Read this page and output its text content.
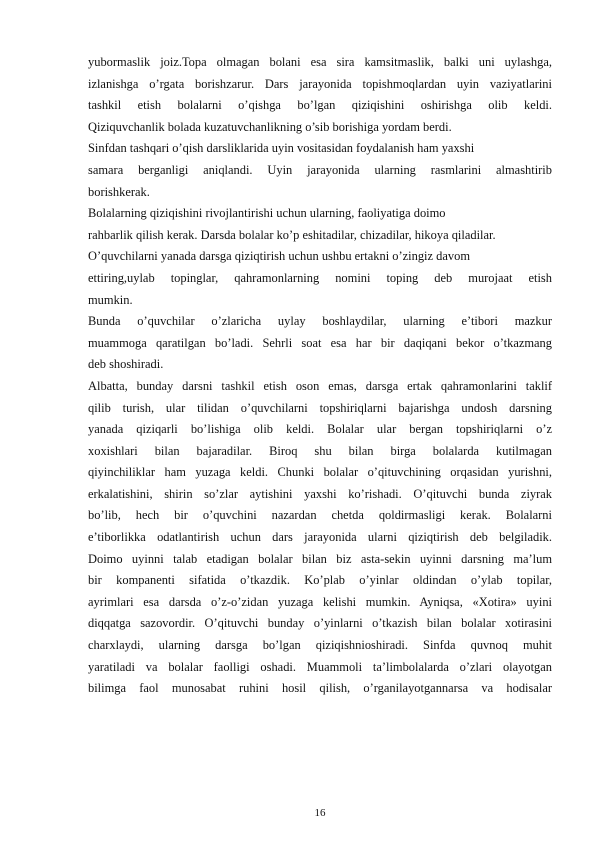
yubormaslik joiz.Topa olmagan bolani esa sira kamsitmaslik, balki uni uylashga,
izlanishga o’rgata borishzarur. Dars jarayonida topishmoqlardan uyin vaziyatlarini
tashkil etish bolalarni o’qishga bo’lgan qiziqishini oshirishga olib keldi.
Qiziquvchanlik bolada kuzatuvchanlikning o’sib borishiga yordam berdi.
Sinfdan tashqari o’qish darsliklarida uyin vositasidan foydalanish ham yaxshi
samara berganligi aniqlandi. Uyin jarayonida ularning rasmlarini almashtirib
borishkerak.
Bolalarning qiziqishini rivojlantirishi uchun ularning, faoliyatiga doimo
rahbarlik qilish kerak. Darsda bolalar ko’p eshitadilar, chizadilar, hikoya qiladilar.
O’quvchilarni yanada darsga qiziqtirish uchun ushbu ertakni o’zingiz davom
ettiring,uylab topinglar, qahramonlarning nomini toping deb murojaat etish
mumkin.
Bunda o’quvchilar o’zlaricha uylay boshlaydilar, ularning e’tibori mazkur
muammoga qaratilgan bo’ladi. Sehrli soat esa har bir daqiqani bekor o’tkazmang
deb shoshiradi.
Albatta, bunday darsni tashkil etish oson emas, darsga ertak qahramonlarini taklif
qilib turish, ular tilidan o’quvchilarni topshiriqlarni bajarishga undosh darsning
yanada qiziqarli bo’lishiga olib keldi. Bolalar ular bergan topshiriqlarni o’z
xoxishlari bilan bajaradilar. Biroq shu bilan birga bolalarda kutilmagan
qiyinchiliklar ham yuzaga keldi. Chunki bolalar o’qituvchining orqasidan yurishni,
erkalatishini, shirin so’zlar aytishini yaxshi ko’rishadi. O’qituvchi bunda ziyrak
bo’lib, hech bir o’quvchini nazardan chetda qoldirmasligi kerak. Bolalarni
e’tiborlikka odatlantirish uchun dars jarayonida ularni qiziqtirish deb belgiladik.
Doimo uyinni talab etadigan bolalar bilan biz asta-sekin uyinni darsning ma’lum
bir kompanenti sifatida o’tkazdik. Ko’plab o’yinlar oldindan o’ylab topilar,
ayrimlari esa darsda o’z-o’zidan yuzaga kelishi mumkin. Ayniqsa, «Xotira» uyini
diqqatga sazovordir. O’qituvchi bunday o’yinlarni o’tkazish bilan bolalar xotirasini
charxlaydi, ularning darsga bo’lgan qiziqishnioshiradi. Sinfda quvnoq muhit
yaratiladi va bolalar faolligi oshadi. Muammoli ta’limbolalarda o’zlari olayotgan
bilimga faol munosabat ruhini hosil qilish, o’rganilayotgannarsa va hodisalar
16
